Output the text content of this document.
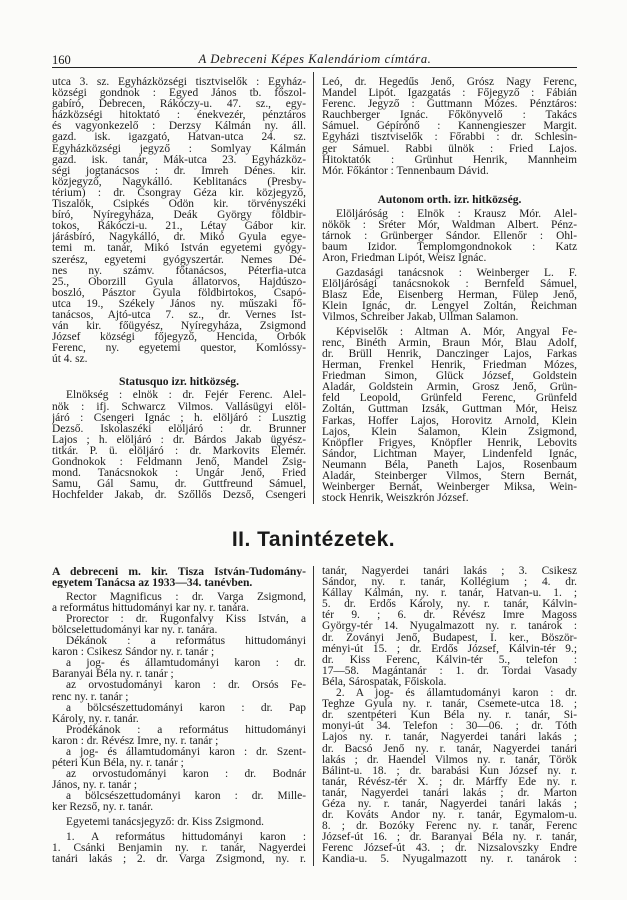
160	A Debreceni Képes Kalendáriom címtára.
utca 3. sz. Egyházközségi tisztviselők : Egyház-
községi gondnok : Egyed János tb. főszol-
gabíró, Debrecen, Rákóczy-u. 47. sz., egy-
házközségi hitoktató : énekvezér, pénztáros
és vagyonkezelő : Derzsy Kálmán ny. áll.
gazd. isk. igazgató, Hatvan-utca 24. sz.
Egyházközségi jegyző : Somlyay Kálmán
gazd. isk. tanár, Mák-utca 23. Egyházköz-
ségi jogtanácsos : dr. Imreh Dénes. kir.
közjegyző, Nagykálló. Keblitanács (Presby-
térium) : dr. Csongray Géza kir. közjegyző,
Tiszalök, Csipkés Ödön kir. törvényszéki
bíró, Nyíregyháza, Deák György földbir-
tokos, Rákóczi-u. 21., Létay Gábor kir.
járásbíró, Nagykálló, dr. Mikó Gyula egye-
temi m. tanár, Mikó István egyetemi gyógy-
szerész, egyetemi gyógyszertár. Nemes Dé-
nes ny. számv. főtanácsos, Péterfia-utca
25., Oborzill Gyula állatorvos, Hajdúszo-
boszló, Pásztor Gyula földbirtokos, Csapó-
utca 19., Székely János ny. műszaki fő-
tanácsos, Ajtó-utca 7. sz., dr. Vernes Ist-
ván kir. főügyész, Nyíregyháza, Zsigmond
József községi főjegyző, Hencida, Orbók
Ferenc, ny. egyetemi questor, Komlóssy-
út 4. sz.
Statusquo izr. hitközség.
Elnökség : elnök : dr. Fejér Ferenc. Alel-
nök : ifj. Schwarcz Vilmos. Vallásügyi elöl-
járó : Csengeri Ignác ; h. elöljáró : Lusztig
Dezső. Iskolaszéki elöljáró : dr. Brunner
Lajos ; h. elöljáró : dr. Bárdos Jakab ügyész-
titkár. P. ü. elöljáró : dr. Markovits Elemér.
Gondnokok : Feldmann Jenő, Mandel Zsig-
mond. Tanácsnokok : Ungár Jenő, Fried
Samu, Gál Samu, dr. Guttfreund Sámuel,
Hochfelder Jakab, dr. Szőllős Dezső, Csengeri
Leó, dr. Hegedűs Jenő, Grósz Nagy Ferenc,
Mandel Lipót. Igazgatás : Főjegyző : Fábián
Ferenc. Jegyző : Guttmann Mózes. Pénztáros:
Rauchberger Ignác. Főkönyvelő : Takács
Sámuel. Gépírónő : Kannengieszer Margit.
Egyházi tisztviselők : Főrabbi : dr. Schlesin-
ger Sámuel. Rabbi ülnök : Fried Lajos.
Hitoktatók : Grünhut Henrik, Mannheim
Mór. Főkántor : Tennenbaum Dávid.
Autonom orth. izr. hitközség.
Elöljáróság : Elnök : Krausz Mór. Alel-
nökök : Sréter Mór, Waldman Albert. Pénz-
tárnok : Grünberger Sándor. Ellenőr : Öhl-
baum Izidor. Templomgondnokok : Katz
Áron, Friedman Lipót, Weisz Ignác.
Gazdasági tanácsnok : Weinberger L. F.
Elöljárósági tanácsnokok : Bernfeld Sámuel,
Blasz Ede, Eisenberg Herman, Fülep Jenő,
Klein Ignác, dr. Lengyel Zoltán, Reichman
Vilmos, Schreiber Jakab, Ullman Salamon.
Képviselők : Altman A. Mór, Angyal Fe-
renc, Binéth Ármin, Braun Mór, Blau Adolf,
dr. Brüll Henrik, Danczinger Lajos, Farkas
Herman, Frenkel Henrik, Friedman Mózes,
Friedman Simon, Glück József, Goldstein
Aladár, Goldstein Ármin, Grosz Jenő, Grün-
feld Leopold, Grünfeld Ferenc, Grünfeld
Zoltán, Guttman Izsák, Guttman Mór, Heisz
Farkas, Hoffer Lajos, Horovitz Arnold, Klein
Lajos, Klein Salamon, Klein Zsigmond,
Knöpfler Frigyes, Knöpfler Henrik, Lebovits
Sándor, Lichtman Mayer, Lindenfeld Ignác,
Neumann Béla, Paneth Lajos, Rosenbaum
Aladár, Steinberger Vilmos, Stern Bernát,
Weinberger Bernát, Weinberger Miksa, Wein-
stock Henrik, Weiszkrón József.
II. Tanintézetek.
A debreceni m. kir. Tisza István-Tudomány-
egyetem Tanácsa az 1933—34. tanévben.
Rector Magnificus : dr. Varga Zsigmond,
a református hittudományi kar ny. r. tanára.
Prorector : dr. Rugonfalvy Kiss István, a
bölcselettudományi kar ny. r. tanára.
Dékánok : a református hittudományi
karon : Csikesz Sándor ny. r. tanár ;
a jog- és államtudományi karon : dr.
Baranyai Béla ny. r. tanár ;
az orvostudományi karon : dr. Orsós Fe-
renc ny. r. tanár ;
a bölcsészettudományi karon : dr. Pap
Károly, ny. r. tanár.
Prodékánok : a református hittudományi
karon : dr. Révész Imre, ny. r. tanár ;
a jog- és államtudományi karon : dr. Szent-
péteri Kun Béla, ny. r. tanár ;
az orvostudományi karon : dr. Bodnár
János, ny. r. tanár ;
a bölcsészettudományi karon : dr. Mille-
ker Rezső, ny. r. tanár.
Egyetemi tanácsjegyző: dr. Kiss Zsigmond.
1. A református hittudományi karon :
1. Csánki Benjamin ny. r. tanár, Nagyerdei
tanári lakás ; 2. dr. Varga Zsigmond, ny. r.
tanár, Nagyerdei tanári lakás ; 3. Csikesz
Sándor, ny. r. tanár, Kollégium ; 4. dr.
Kállay Kálmán, ny. r. tanár, Hatvan-u. 1. ;
5. dr. Erdős Károly, ny. r. tanár, Kálvin-
tér 9. ; 6. dr. Révész Imre Magoss
György-tér 14. Nyugalmazott ny. r. tanárok :
dr. Zoványi Jenő, Budapest, I. ker., Böször-
ményi-út 15. ; dr. Erdős József, Kálvin-tér 9.;
dr. Kiss Ferenc, Kálvin-tér 5., telefon :
17—58. Magántanár : 1. dr. Tordai Vasady
Béla, Sárospatak, Főiskola.
2. A jog- és államtudományi karon : dr.
Teghze Gyula ny. r. tanár, Csemete-utca 18. ;
dr. szentpéteri Kun Béla ny. r. tanár, Si-
monyi-út 34. Telefon : 30—06. ; dr. Tóth
Lajos ny. r. tanár, Nagyerdei tanári lakás ;
dr. Bacsó Jenő ny. r. tanár, Nagyerdei tanári
lakás ; dr. Haendel Vilmos ny. r. tanár, Török
Bálint-u. 18. ; dr. barabási Kun József ny. r.
tanár, Révész-tér X. ; dr. Márffy Ede ny. r.
tanár, Nagyerdei tanári lakás ; dr. Marton
Géza ny. r. tanár, Nagyerdei tanári lakás ;
dr. Kováts Andor ny. r. tanár, Egymalom-u.
8. ; dr. Bozóky Ferenc ny. r. tanár, Ferenc
József-út 16. ; dr. Baranyai Béla ny. r. tanár,
Ferenc József-út 43. ; dr. Nizsalovszky Endre
Kandia-u. 5. Nyugalmazott ny. r. tanárok :
